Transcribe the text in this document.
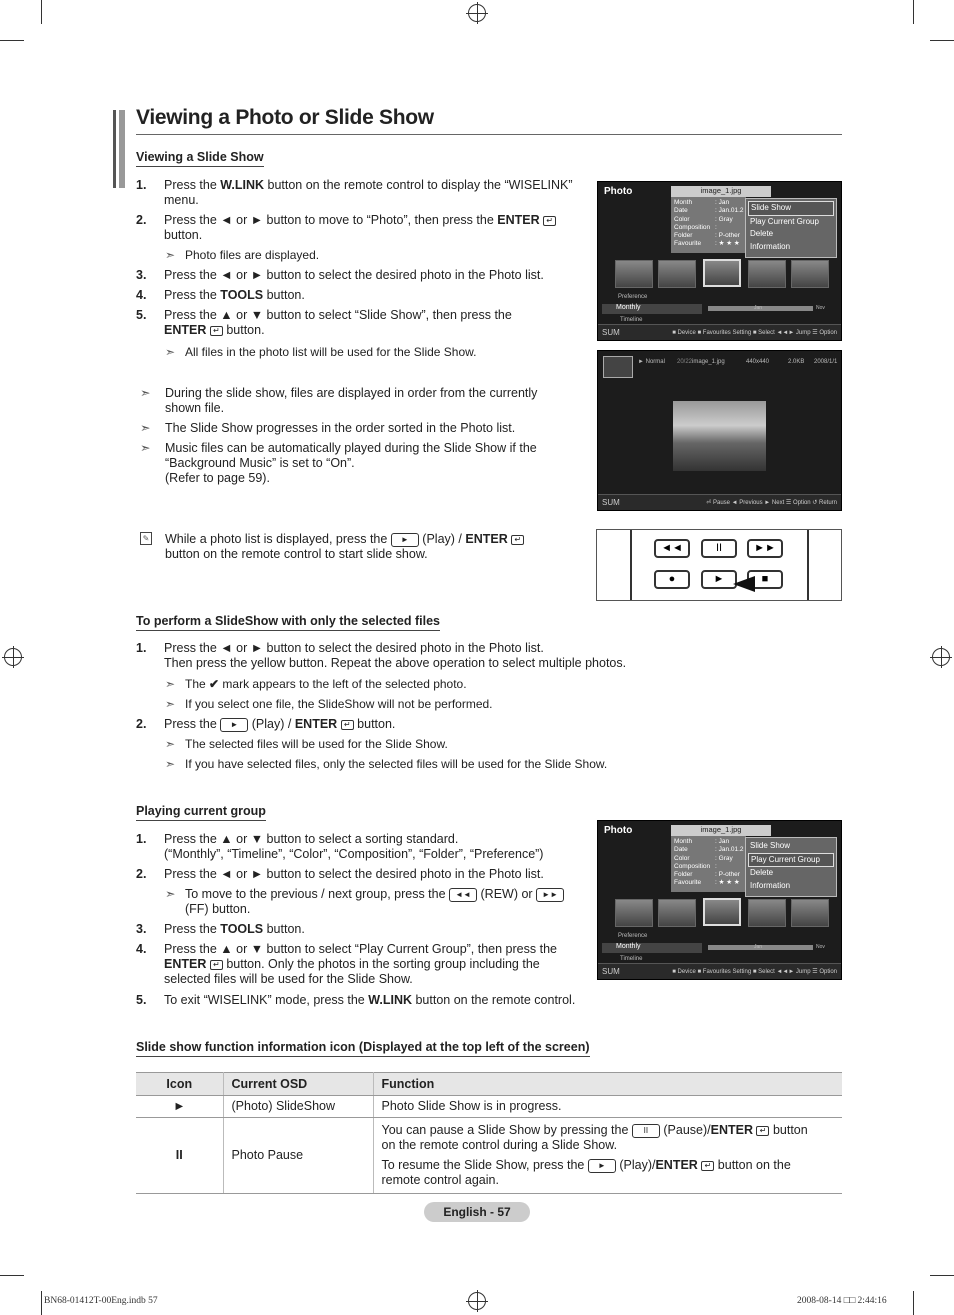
Viewing a Photo or Slide Show
Viewing a Slide Show
1. Press the W.LINK button on the remote control to display the “WISELINK”
menu.
2. Press the ◄ or ► button to move to “Photo”, then press the ENTER ↵
button.
➣ Photo files are displayed.
3. Press the ◄ or ► button to select the desired photo in the Photo list.
4. Press the TOOLS button.
5. Press the ▲ or ▼ button to select “Slide Show”, then press the
ENTER ↵ button.
➣ All files in the photo list will be used for the Slide Show.
➣ During the slide show, files are displayed in order from the currently
shown file.
➣ The Slide Show progresses in the order sorted in the Photo list.
➣ Music files can be automatically played during the Slide Show if the
“Background Music” is set to “On”.
(Refer to page 59).
✎ While a photo list is displayed, press the ► (Play) / ENTER ↵
button on the remote control to start slide show.
Photo	image_1.jpg
Month	: Jan
Date	: Jan.01.2
Color	: Gray
Composition :
Folder	: P-other
Favourite : ★ ★ ★
Slide Show
Play Current Group
Delete
Information
Preference
Monthly
Timeline
Jan	Nov
SUM	■ Device ■ Favourites Setting ■ Select ◄◄► Jump ☰ Option
► Normal 20/22 image_1.jpg	440x440	2.0KB 2008/1/1
SUM	⏎ Pause ◄ Previous ► Next ☰ Option ↺ Return
◄◄	II	►►
●	►	■
To perform a SlideShow with only the selected files
1. Press the ◄ or ► button to select the desired photo in the Photo list.
Then press the yellow button. Repeat the above operation to select multiple photos.
➣ The ✔ mark appears to the left of the selected photo.
➣ If you select one file, the SlideShow will not be performed.
2. Press the ► (Play) / ENTER ↵ button.
➣ The selected files will be used for the Slide Show.
➣ If you have selected files, only the selected files will be used for the Slide Show.
Playing current group
1. Press the ▲ or ▼ button to select a sorting standard.
(“Monthly”, “Timeline”, “Color”, “Composition”, “Folder”, “Preference”)
2. Press the ◄ or ► button to select the desired photo in the Photo list.
➣ To move to the previous / next group, press the ◄◄ (REW) or ►►
(FF) button.
3. Press the TOOLS button.
4. Press the ▲ or ▼ button to select “Play Current Group”, then press the
ENTER ↵ button. Only the photos in the sorting group including the
selected files will be used for the Slide Show.
5. To exit “WISELINK” mode, press the W.LINK button on the remote control.
Photo	image_1.jpg
Month	: Jan
Date	: Jan.01.2
Color	: Gray
Composition :
Folder	: P-other
Favourite : ★ ★ ★
Slide Show
Play Current Group
Delete
Information
Preference
Monthly
Timeline
Jan	Nov
SUM	■ Device ■ Favourites Setting ■ Select ◄◄► Jump ☰ Option
Slide show function information icon (Displayed at the top left of the screen)
Icon	Current OSD	Function
►	(Photo) SlideShow	Photo Slide Show is in progress.
II	Photo Pause	You can pause a Slide Show by pressing the II (Pause)/ENTER ↵ button
on the remote control during a Slide Show.
To resume the Slide Show, press the ► (Play)/ENTER ↵ button on the
remote control again.
English - 57
BN68-01412T-00Eng.indb 57	2008-08-14 □□ 2:44:16
